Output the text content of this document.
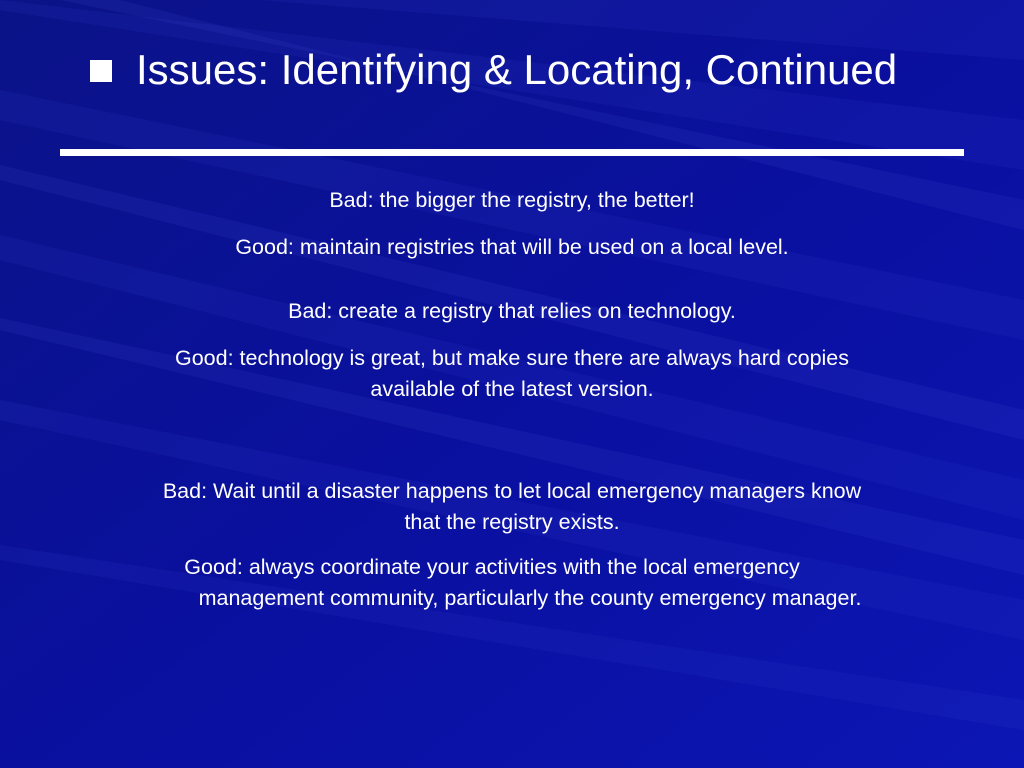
Issues: Identifying & Locating, Continued
Bad: the bigger the registry, the better!
Good: maintain registries that will be used on a local level.
Bad: create a registry that relies on technology.
Good: technology is great, but make sure there are always hard copies
available of the latest version.
Bad: Wait until a disaster happens to let local emergency managers know
that the registry exists.
Good: always coordinate your activities with the local emergency
management community, particularly the county emergency manager.
